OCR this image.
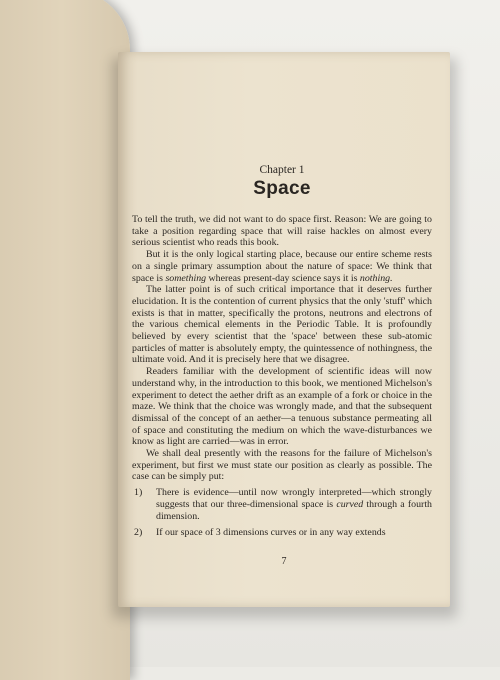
Chapter 1
Space

To tell the truth, we did not want to do space first. Reason: We are going to take a position regarding space that will raise hackles on almost every serious scientist who reads this book.

But it is the only logical starting place, because our entire scheme rests on a single primary assumption about the nature of space: We think that space is something whereas present-day science says it is nothing.

The latter point is of such critical importance that it deserves further elucidation. It is the contention of current physics that the only 'stuff' which exists is that in matter, specifically the protons, neutrons and electrons of the various chemical elements in the Periodic Table. It is profoundly believed by every scientist that the 'space' between these sub-atomic particles of matter is absolutely empty, the quintessence of nothingness, the ultimate void. And it is precisely here that we disagree.

Readers familiar with the development of scientific ideas will now understand why, in the introduction to this book, we mentioned Michelson's experiment to detect the aether drift as an example of a fork or choice in the maze. We think that the choice was wrongly made, and that the subsequent dismissal of the concept of an aether—a tenuous substance permeating all of space and constituting the medium on which the wave-disturbances we know as light are carried—was in error.

We shall deal presently with the reasons for the failure of Michelson's experiment, but first we must state our position as clearly as possible. The case can be simply put:

1) There is evidence—until now wrongly interpreted—which strongly suggests that our three-dimensional space is curved through a fourth dimension.
2) If our space of 3 dimensions curves or in any way extends
7
